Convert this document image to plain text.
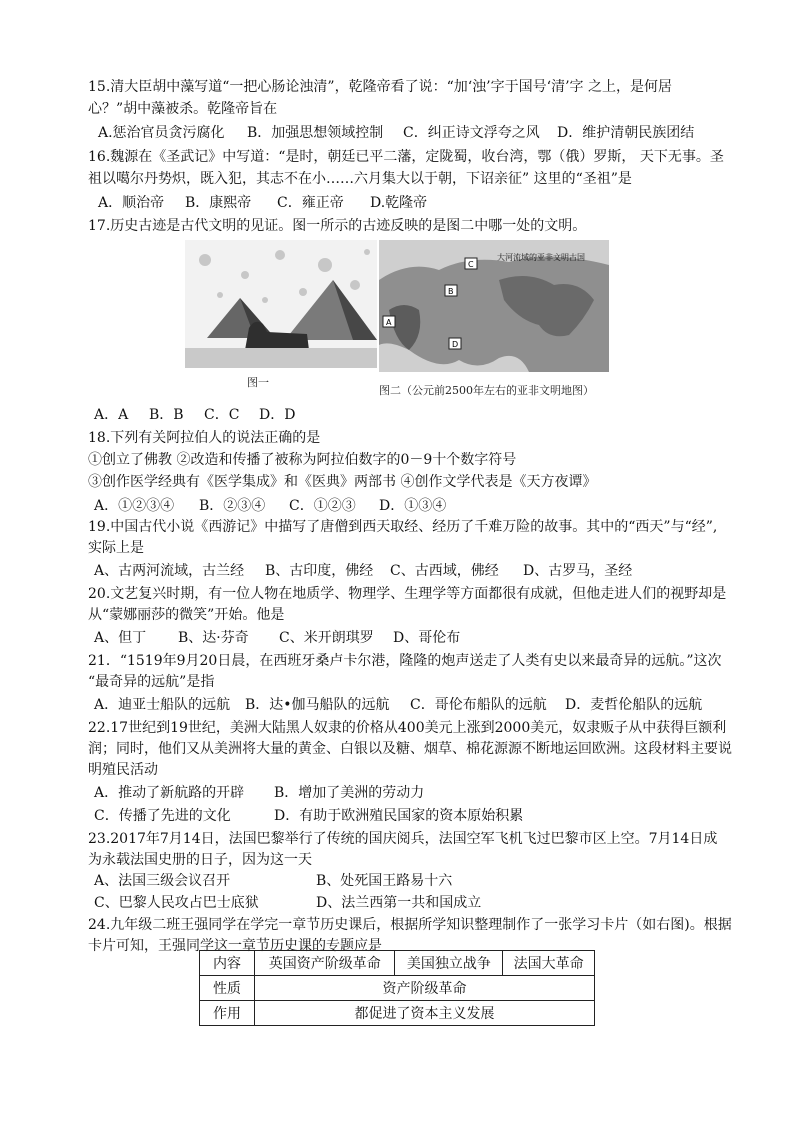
15.清大臣胡中藻写道“一把心肠论浊清”，乾隆帝看了说：“加‘浊’字于国号‘清’字 之上，是何居
心？”胡中藻被杀。乾隆帝旨在
A.惩治官员贪污腐化 B．加强思想领域控制 C．纠正诗文浮夸之风 D．维护清朝民族团结
16.魏源在《圣武记》中写道：“是时，朝廷已平二藩，定陇蜀，收台湾，鄂（俄）罗斯， 天下无事。圣
祖以噶尔丹势炽，既入犯，其志不在小……六月集大以于朝，下诏亲征” 这里的“圣祖”是
A．顺治帝 B．康熙帝 C．雍正帝 D.乾隆帝
17.历史古迹是古代文明的见证。图一所示的古迹反映的是图二中哪一处的文明。
大河流域的亚非文明古国
C
B
A
D
图一
图二（公元前2500年左右的亚非文明地图）
A．A B．B C．C D．D
18.下列有关阿拉伯人的说法正确的是
①创立了佛教 ②改造和传播了被称为阿拉伯数字的0－9十个数字符号
③创作医学经典有《医学集成》和《医典》两部书 ④创作文学代表是《天方夜谭》
A．①②③④ B．②③④ C．①②③ D．①③④
19.中国古代小说《西游记》中描写了唐僧到西天取经、经历了千难万险的故事。其中的“西天”与“经”,
实际上是
A、古两河流域，古兰经 B、古印度，佛经 C、古西域，佛经 D、古罗马，圣经
20.文艺复兴时期，有一位人物在地质学、物理学、生理学等方面都很有成就，但他走进人们的视野却是
从“蒙娜丽莎的微笑”开始。他是
A、但丁 B、达·芬奇 C、米开朗琪罗 D、哥伦布
21．“1519年9月20日晨，在西班牙桑卢卡尔港，隆隆的炮声送走了人类有史以来最奇异的远航。”这次
“最奇异的远航”是指
A．迪亚士船队的远航 B．达•伽马船队的远航 C．哥伦布船队的远航 D．麦哲伦船队的远航
22.17世纪到19世纪，美洲大陆黑人奴隶的价格从400美元上涨到2000美元，奴隶贩子从中获得巨额利
润；同时，他们又从美洲将大量的黄金、白银以及糖、烟草、棉花源源不断地运回欧洲。这段材料主要说
明殖民活动
A．推动了新航路的开辟 B．增加了美洲的劳动力
C．传播了先进的文化	D．有助于欧洲殖民国家的资本原始积累
23.2017年7月14日，法国巴黎举行了传统的国庆阅兵，法国空军飞机飞过巴黎市区上空。7月14日成
为永载法国史册的日子，因为这一天
A、法国三级会议召开	B、处死国王路易十六
C、巴黎人民攻占巴士底狱	D、法兰西第一共和国成立
24.九年级二班王强同学在学完一章节历史课后，根据所学知识整理制作了一张学习卡片（如右图)。根据
卡片可知，王强同学这一章节历史课的专题应是
内容	英国资产阶级革命	美国独立战争	法国大革命
性质	资产阶级革命		
作用	都促进了资本主义发展		
